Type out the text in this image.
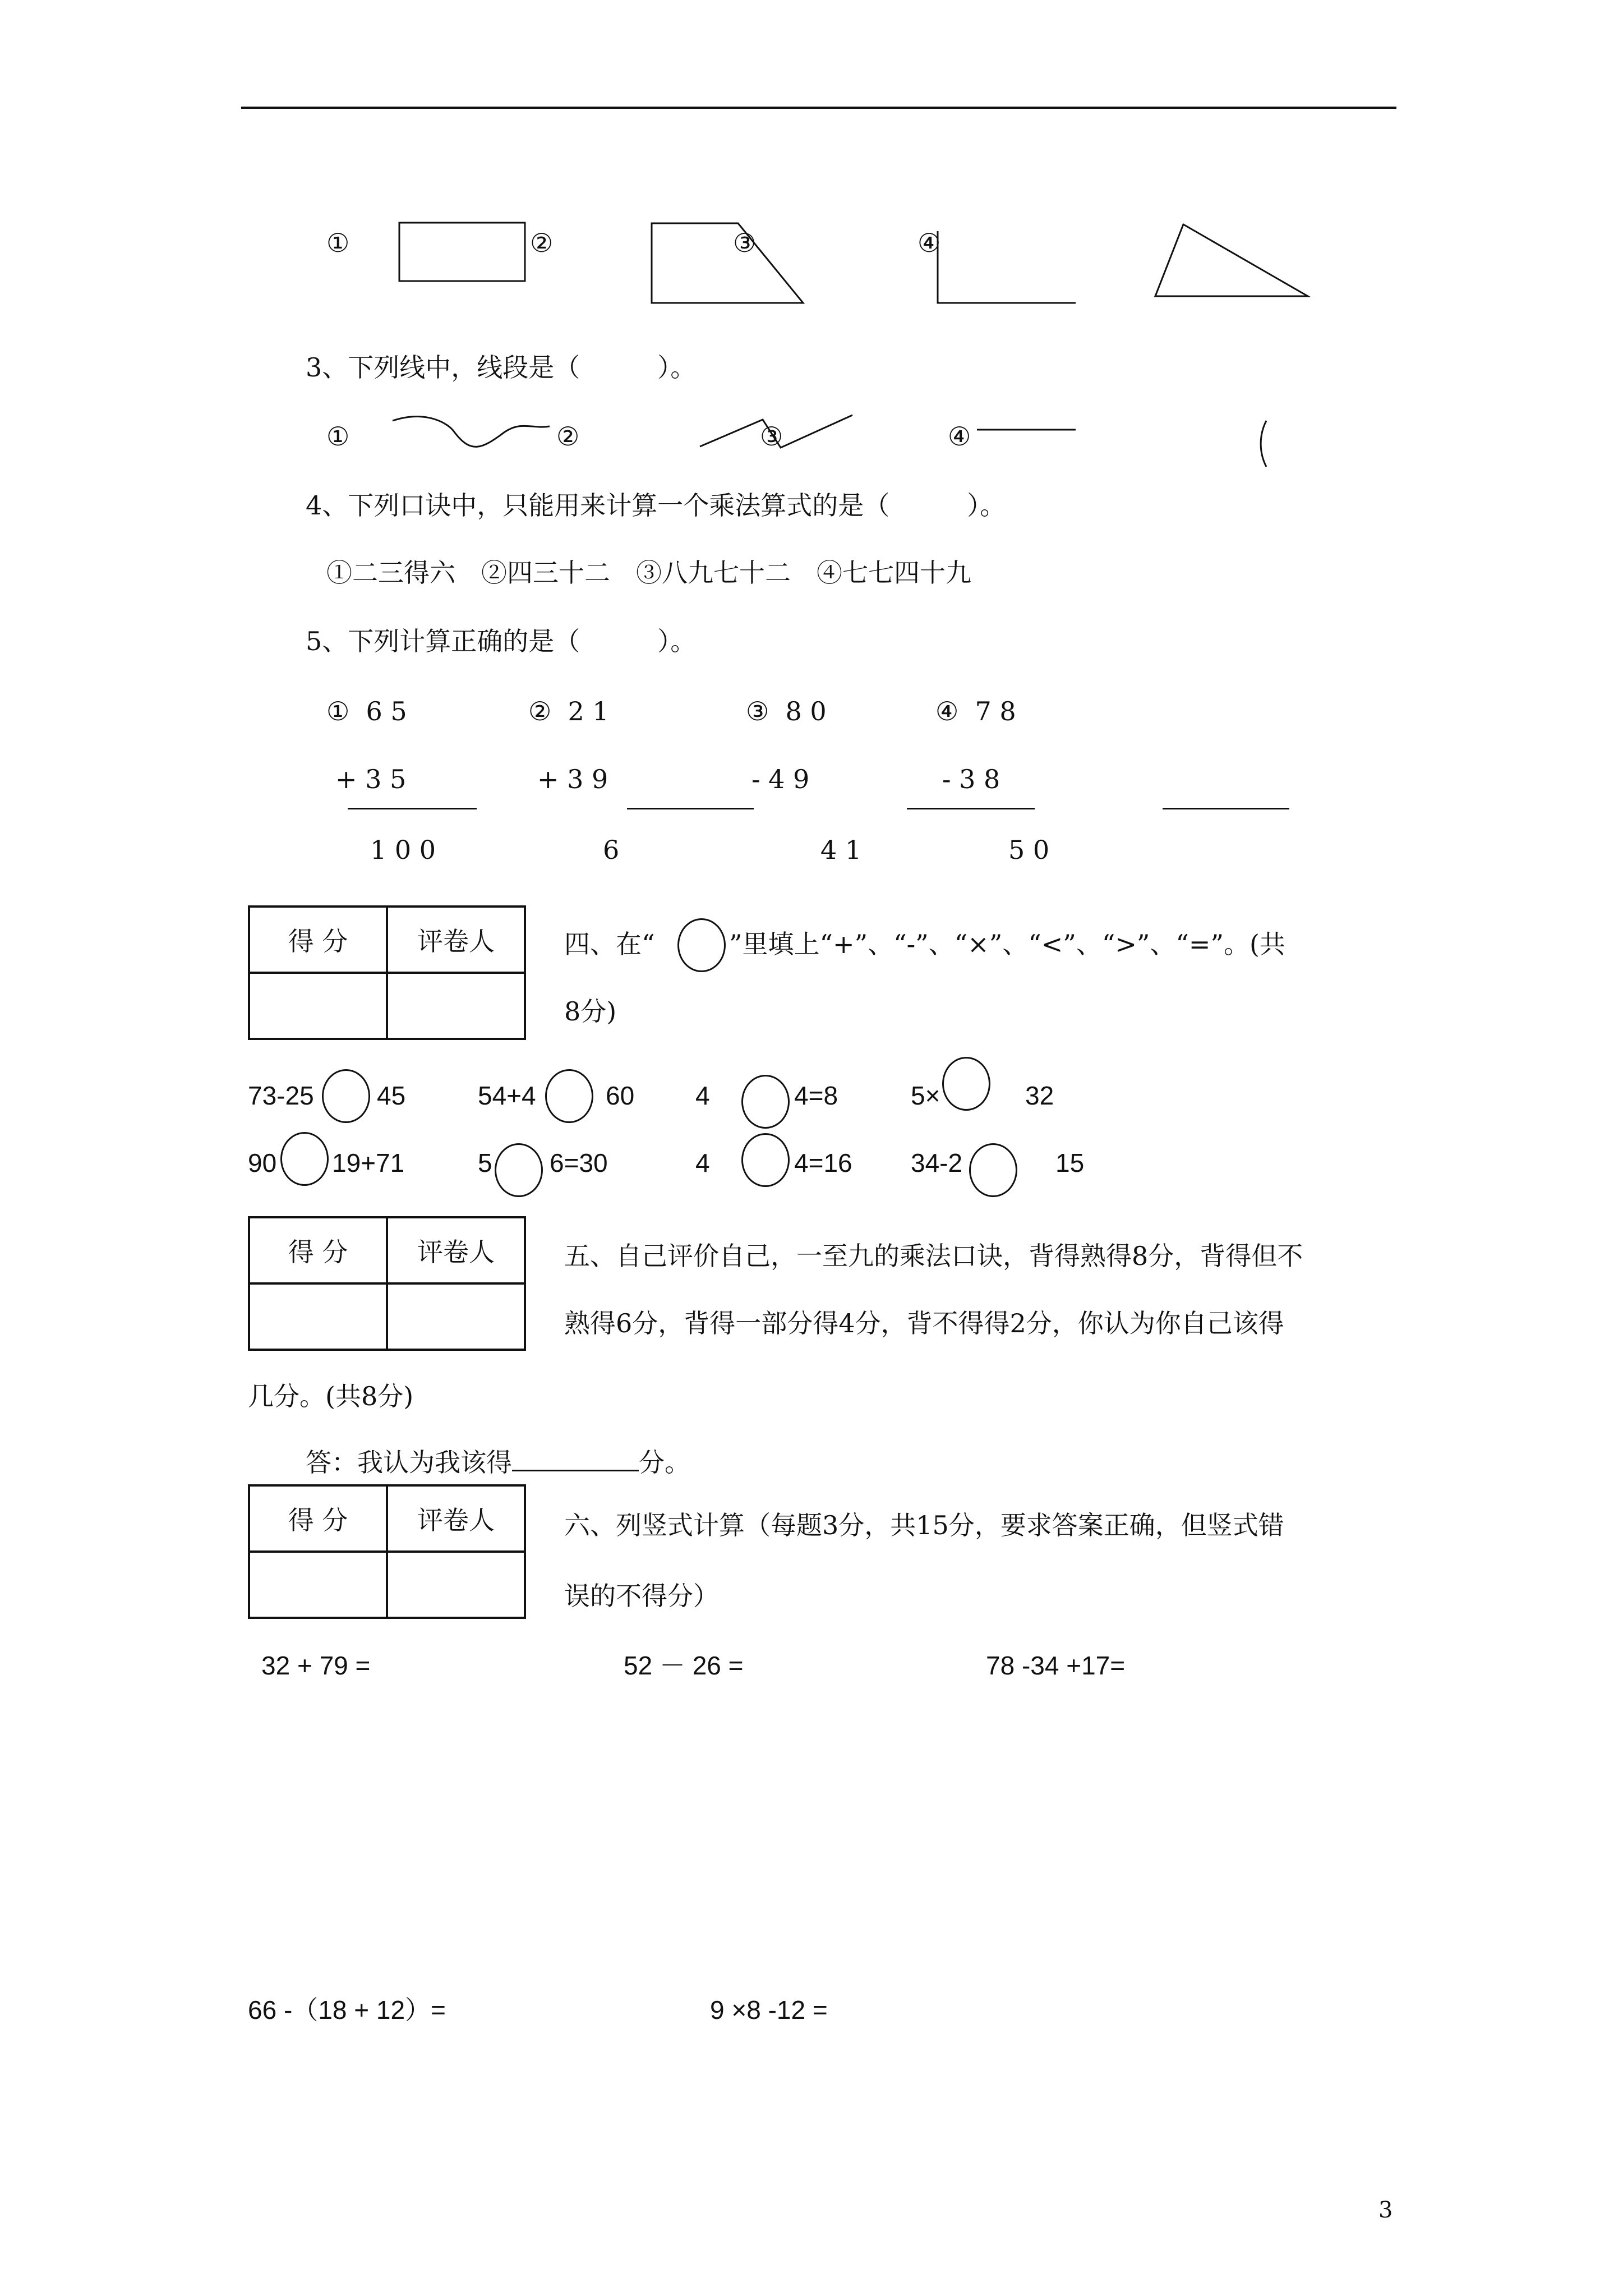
①	②	③	④
3、下列线中，线段是（　　　）。
①	②	③	④
4、下列口诀中，只能用来计算一个乘法算式的是（　　　）。
①二三得六　②四三十二　③八九七十二　④七七四十九
5、下列计算正确的是（　　　）。
① 6 5	② 2 1	③ 8 0	④ 7 8
+ 3 5	+ 3 9	- 4 9	- 3 8
1 0 0	6	4 1	5 0
得 分	评卷人
		四、在“	”里填上“+”、“-”、“×”、“<”、“>”、“=”。(共
8分)
73-25 45	54+4	60 4	4=8	5×	32
90 19+71	5 6=30	4	4=16 34-2	15
得 分	评卷人
		五、自己评价自己，一至九的乘法口诀，背得熟得8分，背得但不
熟得6分，背得一部分得4分，背不得得2分，你认为你自己该得
几分。(共8分)
答：我认为我该得	分。
得 分	评卷人
		六、列竖式计算（每题3分，共15分，要求答案正确，但竖式错
误的不得分）
32 + 79 =	52 － 26 =	78 -34 +17=
66 -（18 + 12）=	9 ×8 -12 =
3
